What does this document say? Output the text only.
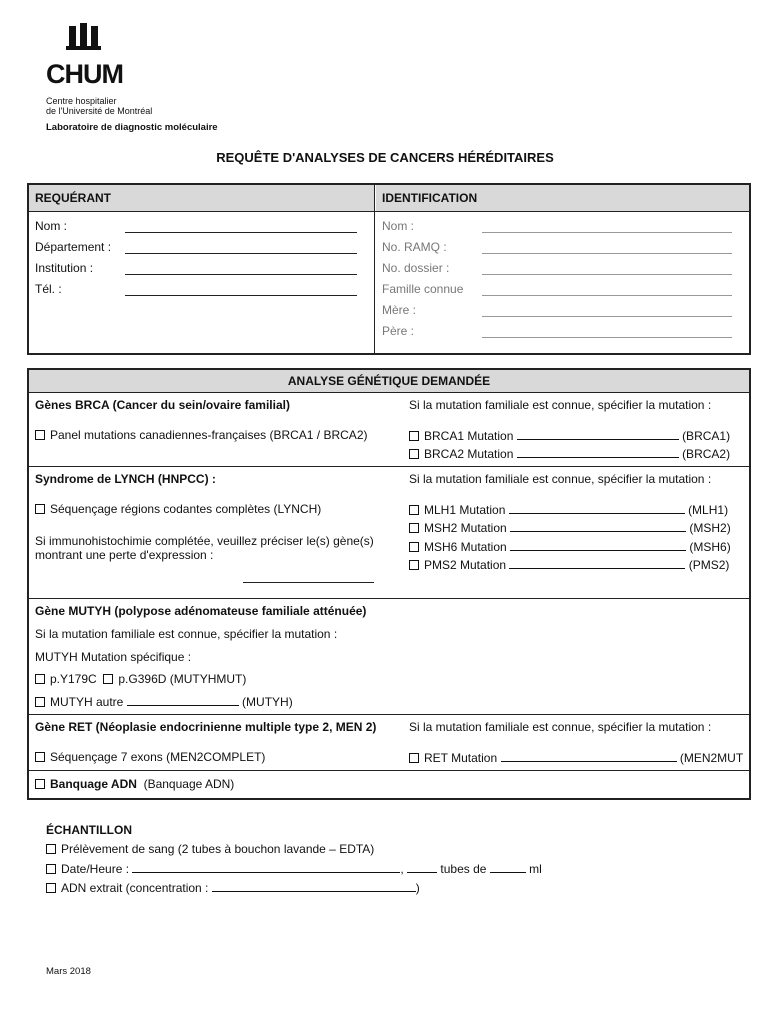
CHUM
Centre hospitalier
de l'Université de Montréal
Laboratoire de diagnostic moléculaire
REQUÊTE D'ANALYSES DE CANCERS HÉRÉDITAIRES
REQUÉRANT	IDENTIFICATION
Nom :
Département :
Institution :
Tél. :
Nom :
No. RAMQ :
No. dossier :
Famille connue
Mère :
Père :
ANALYSE GÉNÉTIQUE DEMANDÉE
Gènes BRCA (Cancer du sein/ovaire familial)	Si la mutation familiale est connue, spécifier la mutation :
Panel mutations canadiennes-françaises (BRCA1 / BRCA2)	BRCA1 Mutation	(BRCA1)
BRCA2 Mutation	(BRCA2)
Syndrome de LYNCH (HNPCC) :	Si la mutation familiale est connue, spécifier la mutation :
Séquençage régions codantes complètes (LYNCH)
Si immunohistochimie complétée, veuillez préciser le(s) gène(s)
montrant une perte d'expression :
MLH1 Mutation	(MLH1)
MSH2 Mutation	(MSH2)
MSH6 Mutation	(MSH6)
PMS2 Mutation	(PMS2)
Gène MUTYH (polypose adénomateuse familiale atténuée)
Si la mutation familiale est connue, spécifier la mutation :
MUTYH Mutation spécifique :
p.Y179C p.G396D (MUTYHMUT)
MUTYH autre	(MUTYH)
Gène RET (Néoplasie endocrinienne multiple type 2, MEN 2)	Si la mutation familiale est connue, spécifier la mutation :
Séquençage 7 exons (MEN2COMPLET)	RET Mutation	(MEN2MUT
Banquage ADN (Banquage ADN)
ÉCHANTILLON
Prélèvement de sang (2 tubes à bouchon lavande – EDTA)
Date/Heure :	,	tubes de	ml
ADN extrait (concentration :	)
Mars 2018
